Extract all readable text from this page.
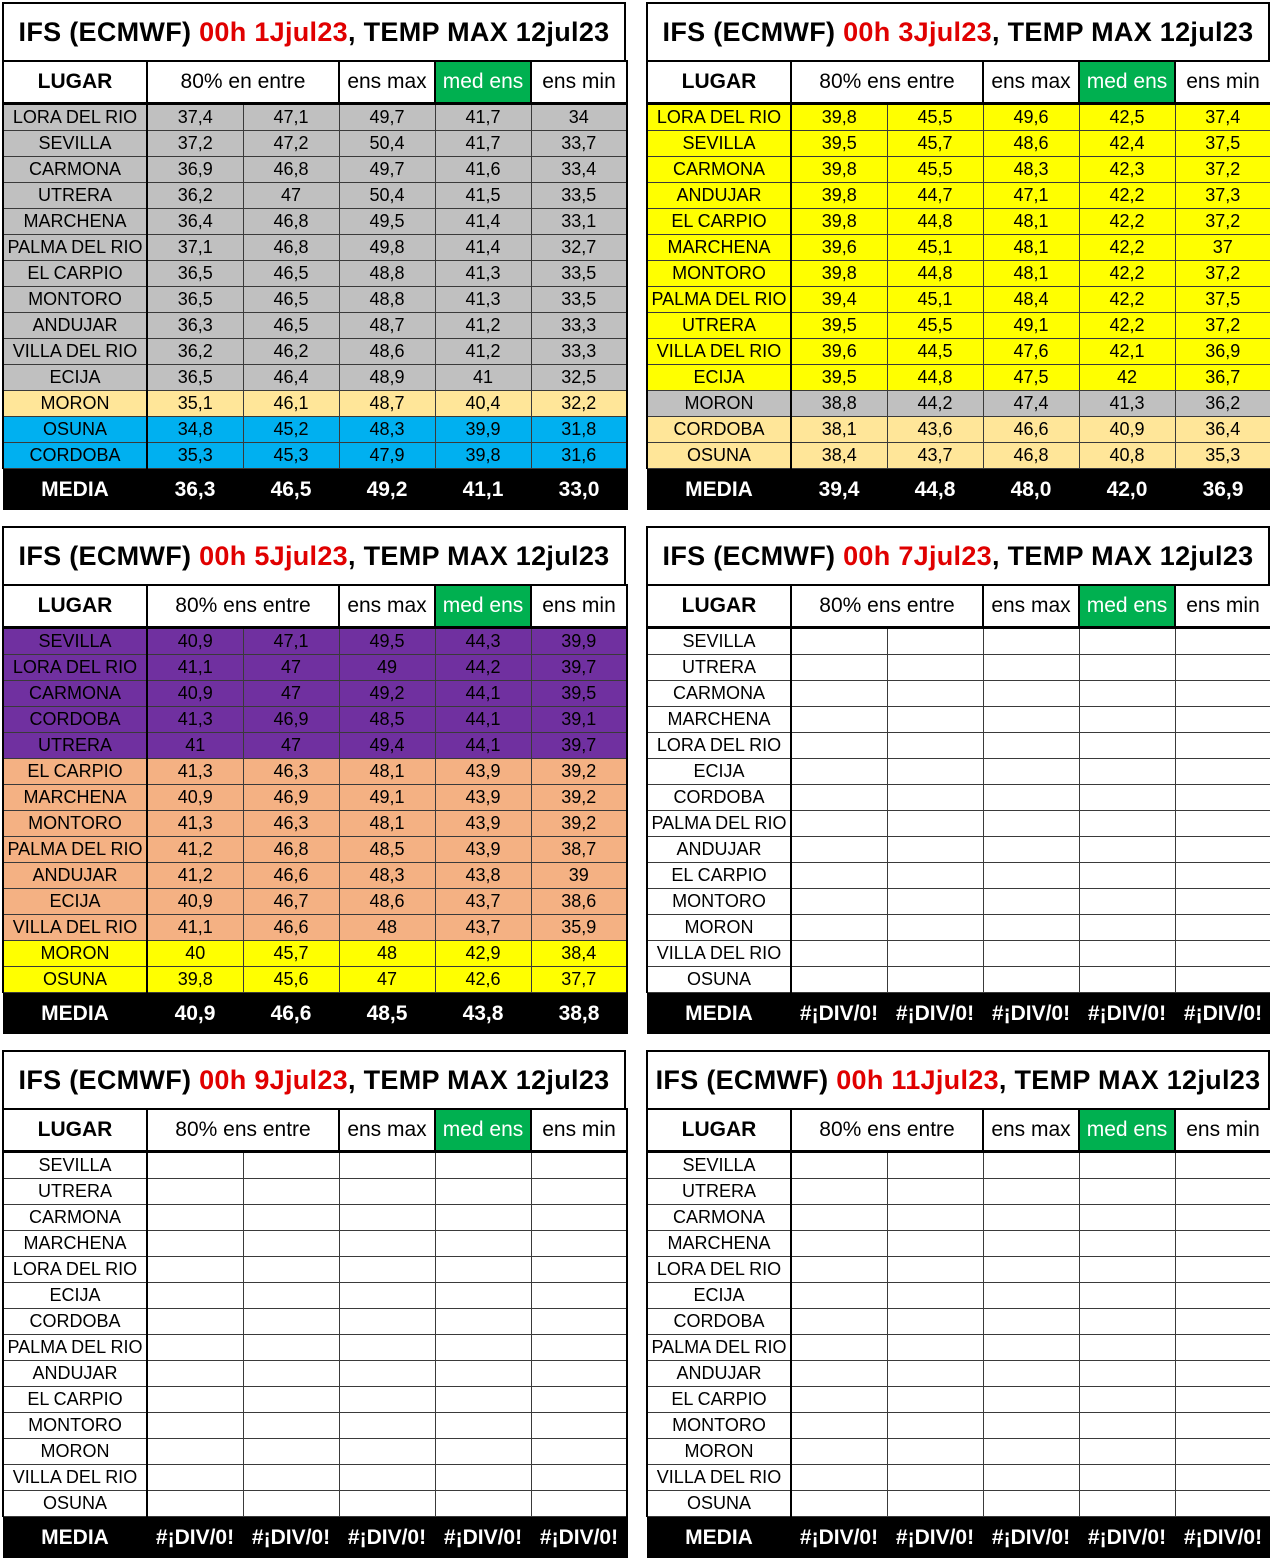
IFS (ECMWF)
00h 1Jjul23 , TEMP MAX 12jul23
LUGAR	80% en entre		ens max	med ens	ens min
LORA DEL RIO	37,4	47,1	49,7	41,7	34
SEVILLA	37,2	47,2	50,4	41,7	33,7
CARMONA	36,9	46,8	49,7	41,6	33,4
UTRERA	36,2	47	50,4	41,5	33,5
MARCHENA	36,4	46,8	49,5	41,4	33,1
PALMA DEL RIO	37,1	46,8	49,8	41,4	32,7
EL CARPIO	36,5	46,5	48,8	41,3	33,5
MONTORO	36,5	46,5	48,8	41,3	33,5
ANDUJAR	36,3	46,5	48,7	41,2	33,3
VILLA DEL RIO	36,2	46,2	48,6	41,2	33,3
ECIJA	36,5	46,4	48,9	41	32,5
MORON	35,1	46,1	48,7	40,4	32,2
OSUNA	34,8	45,2	48,3	39,9	31,8
CORDOBA	35,3	45,3	47,9	39,8	31,6
MEDIA	36,3	46,5	49,2	41,1	33,0
IFS (ECMWF)
00h 3Jjul23 , TEMP MAX 12jul23
LUGAR	80% ens entre		ens max	med ens	ens min
LORA DEL RIO	39,8	45,5	49,6	42,5	37,4
SEVILLA	39,5	45,7	48,6	42,4	37,5
CARMONA	39,8	45,5	48,3	42,3	37,2
ANDUJAR	39,8	44,7	47,1	42,2	37,3
EL CARPIO	39,8	44,8	48,1	42,2	37,2
MARCHENA	39,6	45,1	48,1	42,2	37
MONTORO	39,8	44,8	48,1	42,2	37,2
PALMA DEL RIO	39,4	45,1	48,4	42,2	37,5
UTRERA	39,5	45,5	49,1	42,2	37,2
VILLA DEL RIO	39,6	44,5	47,6	42,1	36,9
ECIJA	39,5	44,8	47,5	42	36,7
MORON	38,8	44,2	47,4	41,3	36,2
CORDOBA	38,1	43,6	46,6	40,9	36,4
OSUNA	38,4	43,7	46,8	40,8	35,3
MEDIA	39,4	44,8	48,0	42,0	36,9
IFS (ECMWF)
00h 5Jjul23 , TEMP MAX 12jul23
LUGAR	80% ens entre		ens max	med ens	ens min
SEVILLA	40,9	47,1	49,5	44,3	39,9
LORA DEL RIO	41,1	47	49	44,2	39,7
CARMONA	40,9	47	49,2	44,1	39,5
CORDOBA	41,3	46,9	48,5	44,1	39,1
UTRERA	41	47	49,4	44,1	39,7
EL CARPIO	41,3	46,3	48,1	43,9	39,2
MARCHENA	40,9	46,9	49,1	43,9	39,2
MONTORO	41,3	46,3	48,1	43,9	39,2
PALMA DEL RIO	41,2	46,8	48,5	43,9	38,7
ANDUJAR	41,2	46,6	48,3	43,8	39
ECIJA	40,9	46,7	48,6	43,7	38,6
VILLA DEL RIO	41,1	46,6	48	43,7	35,9
MORON	40	45,7	48	42,9	38,4
OSUNA	39,8	45,6	47	42,6	37,7
MEDIA	40,9	46,6	48,5	43,8	38,8
IFS (ECMWF)
00h 7Jjul23 , TEMP MAX 12jul23
LUGAR	80% ens entre		ens max	med ens	ens min
SEVILLA					
UTRERA					
CARMONA					
MARCHENA					
LORA DEL RIO					
ECIJA					
CORDOBA					
PALMA DEL RIO					
ANDUJAR					
EL CARPIO					
MONTORO					
MORON					
VILLA DEL RIO					
OSUNA					
MEDIA	#¡DIV/0!	#¡DIV/0!	#¡DIV/0!	#¡DIV/0!	#¡DIV/0!
IFS (ECMWF)
00h 9Jjul23 , TEMP MAX 12jul23
LUGAR	80% ens entre		ens max	med ens	ens min
SEVILLA					
UTRERA					
CARMONA					
MARCHENA					
LORA DEL RIO					
ECIJA					
CORDOBA					
PALMA DEL RIO					
ANDUJAR					
EL CARPIO					
MONTORO					
MORON					
VILLA DEL RIO					
OSUNA					
MEDIA	#¡DIV/0!	#¡DIV/0!	#¡DIV/0!	#¡DIV/0!	#¡DIV/0!
IFS (ECMWF)
00h 11Jjul23 , TEMP MAX 12jul23
LUGAR	80% ens entre		ens max	med ens	ens min
SEVILLA					
UTRERA					
CARMONA					
MARCHENA					
LORA DEL RIO					
ECIJA					
CORDOBA					
PALMA DEL RIO					
ANDUJAR					
EL CARPIO					
MONTORO					
MORON					
VILLA DEL RIO					
OSUNA					
MEDIA	#¡DIV/0!	#¡DIV/0!	#¡DIV/0!	#¡DIV/0!	#¡DIV/0!
